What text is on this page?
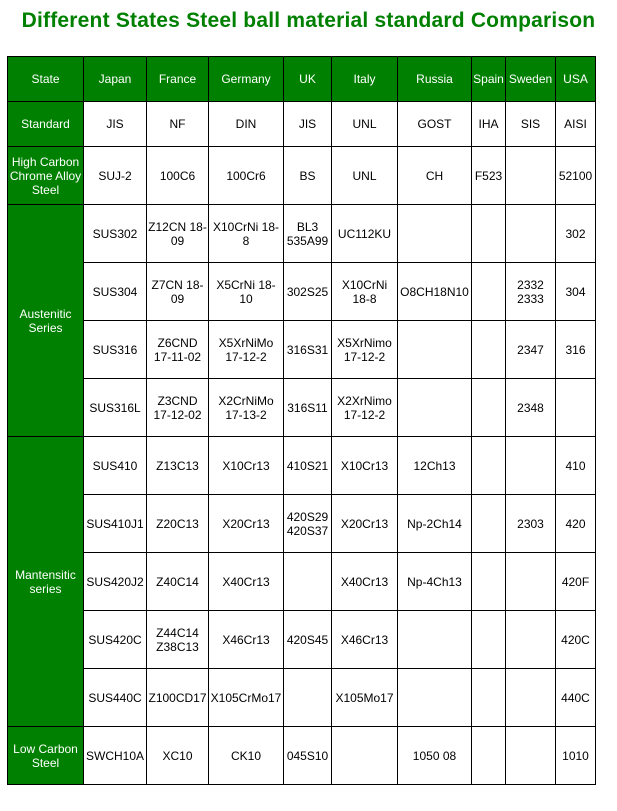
Different States Steel ball material standard Comparison
State	Japan	France	Germany	UK	Italy	Russia	Spain	Sweden	USA
Standard	JIS	NF	DIN	JIS	UNL	GOST	IHA	SIS	AISI
High Carbon Chrome Alloy Steel	SUJ-2	100C6	100Cr6	BS	UNL	CH	F523		52100
Austenitic Series	SUS302	Z12CN 18-09	X10CrNi 18-8	BL3 535A99	UC112KU				302
	SUS304	Z7CN 18-09	X5CrNi 18-10	302S25	X10CrNi 18-8	O8CH18N10		2332 2333	304
	SUS316	Z6CND 17-11-02	X5XrNiMo 17-12-2	316S31	X5XrNimo 17-12-2			2347	316
	SUS316L	Z3CND 17-12-02	X2CrNiMo 17-13-2	316S11	X2XrNimo 17-12-2			2348	
Mantensitic series	SUS410	Z13C13	X10Cr13	410S21	X10Cr13	12Ch13			410
	SUS410J1	Z20C13	X20Cr13	420S29 420S37	X20Cr13	Np-2Ch14		2303	420
	SUS420J2	Z40C14	X40Cr13		X40Cr13	Np-4Ch13			420F
	SUS420C	Z44C14 Z38C13	X46Cr13	420S45	X46Cr13				420C
	SUS440C	Z100CD17	X105CrMo17		X105Mo17				440C
Low Carbon Steel	SWCH10A	XC10	CK10	045S10		1050 08			1010
